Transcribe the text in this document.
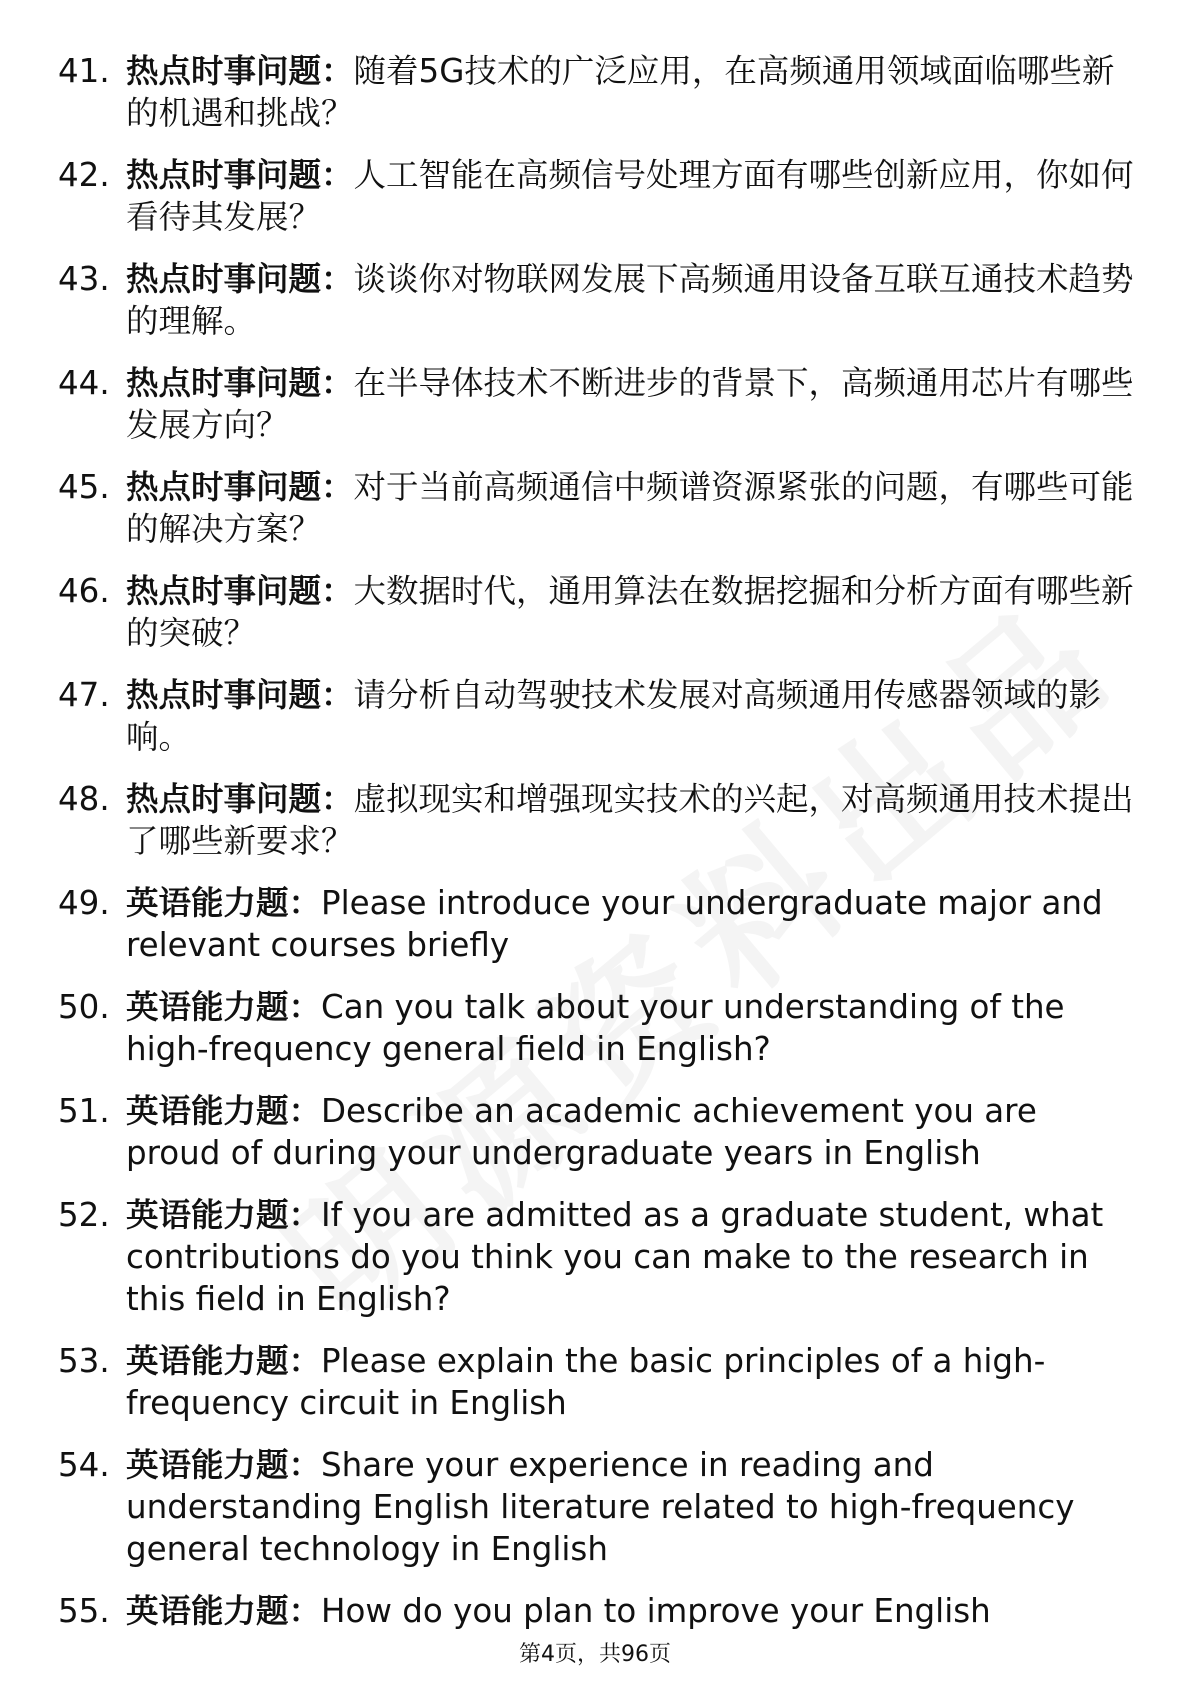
41. 热点时事问题：随着5G技术的广泛应用，在高频通用领域面临哪些新的机遇和挑战？
42. 热点时事问题：人工智能在高频信号处理方面有哪些创新应用，你如何看待其发展？
43. 热点时事问题：谈谈你对物联网发展下高频通用设备互联互通技术趋势的理解。
44. 热点时事问题：在半导体技术不断进步的背景下，高频通用芯片有哪些发展方向？
45. 热点时事问题：对于当前高频通信中频谱资源紧张的问题，有哪些可能的解决方案？
46. 热点时事问题：大数据时代，通用算法在数据挖掘和分析方面有哪些新的突破？
47. 热点时事问题：请分析自动驾驶技术发展对高频通用传感器领域的影响。
48. 热点时事问题：虚拟现实和增强现实技术的兴起，对高频通用技术提出了哪些新要求？
49. 英语能力题：Please introduce your undergraduate major and relevant courses briefly
50. 英语能力题：Can you talk about your understanding of the high-frequency general field in English?
51. 英语能力题：Describe an academic achievement you are proud of during your undergraduate years in English
52. 英语能力题：If you are admitted as a graduate student, what contributions do you think you can make to the research in this field in English?
53. 英语能力题：Please explain the basic principles of a high-frequency circuit in English
54. 英语能力题：Share your experience in reading and understanding English literature related to high-frequency general technology in English
55. 英语能力题：How do you plan to improve your English
第4页，共96页
